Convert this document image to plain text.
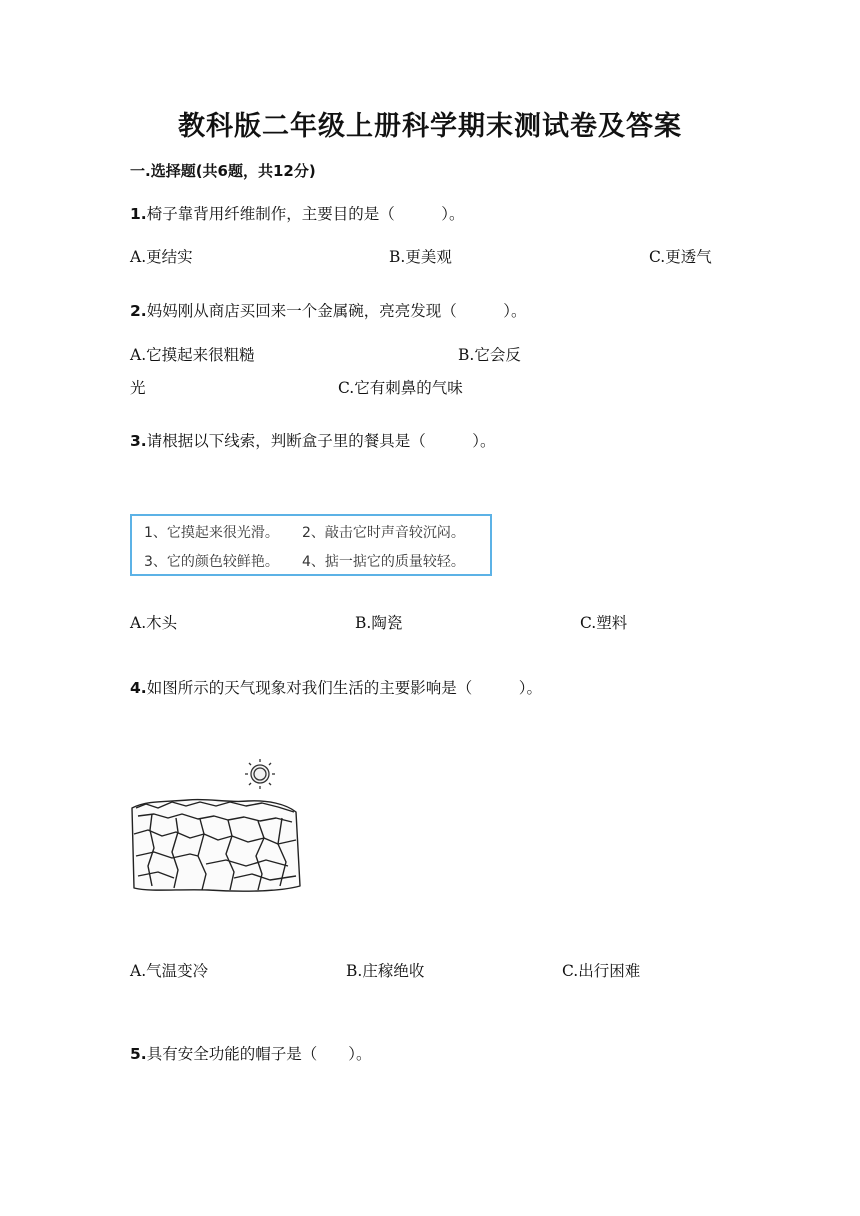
教科版二年级上册科学期末测试卷及答案
一.选择题(共6题，共12分)
1.椅子靠背用纤维制作，主要目的是（　　　）。
A.更结实	B.更美观	C.更透气
2.妈妈刚从商店买回来一个金属碗，亮亮发现（　　　）。
A.它摸起来很粗糙	B.它会反
光	C.它有刺鼻的气味
3.请根据以下线索，判断盒子里的餐具是（　　　）。
1、它摸起来很光滑。 2、敲击它时声音较沉闷。
3、它的颜色较鲜艳。 4、掂一掂它的质量较轻。
A.木头	B.陶瓷	C.塑料
4.如图所示的天气现象对我们生活的主要影响是（　　　）。
A.气温变冷	B.庄稼绝收	C.出行困难
5.具有安全功能的帽子是（　　）。
